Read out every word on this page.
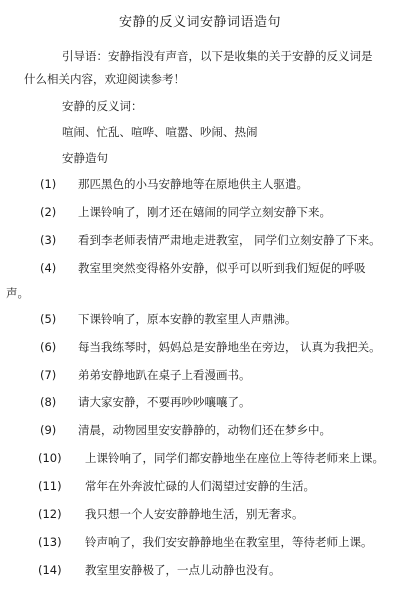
安静的反义词安静词语造句
引导语：安静指没有声音，以下是收集的关于安静的反义词是
什么相关内容，欢迎阅读参考！
安静的反义词：
喧闹、忙乱、喧哗、喧嚣、吵闹、热闹
安静造句
(1) 那匹黑色的小马安静地等在原地供主人驱遣。
(2) 上课铃响了，刚才还在嬉闹的同学立刻安静下来。
(3) 看到李老师表情严肃地走进教室， 同学们立刻安静了下来。
(4) 教室里突然变得格外安静，似乎可以听到我们短促的呼吸
声。
(5) 下课铃响了，原本安静的教室里人声鼎沸。
(6) 每当我练琴时，妈妈总是安静地坐在旁边， 认真为我把关。
(7) 弟弟安静地趴在桌子上看漫画书。
(8) 请大家安静，不要再吵吵嚷嚷了。
(9) 清晨，动物园里安安静静的，动物们还在梦乡中。
(10) 上课铃响了，同学们都安静地坐在座位上等待老师来上课。
(11) 常年在外奔波忙碌的人们渴望过安静的生活。
(12) 我只想一个人安安静静地生活，别无奢求。
(13) 铃声响了，我们安安静静地坐在教室里，等待老师上课。
(14) 教室里安静极了，一点儿动静也没有。
